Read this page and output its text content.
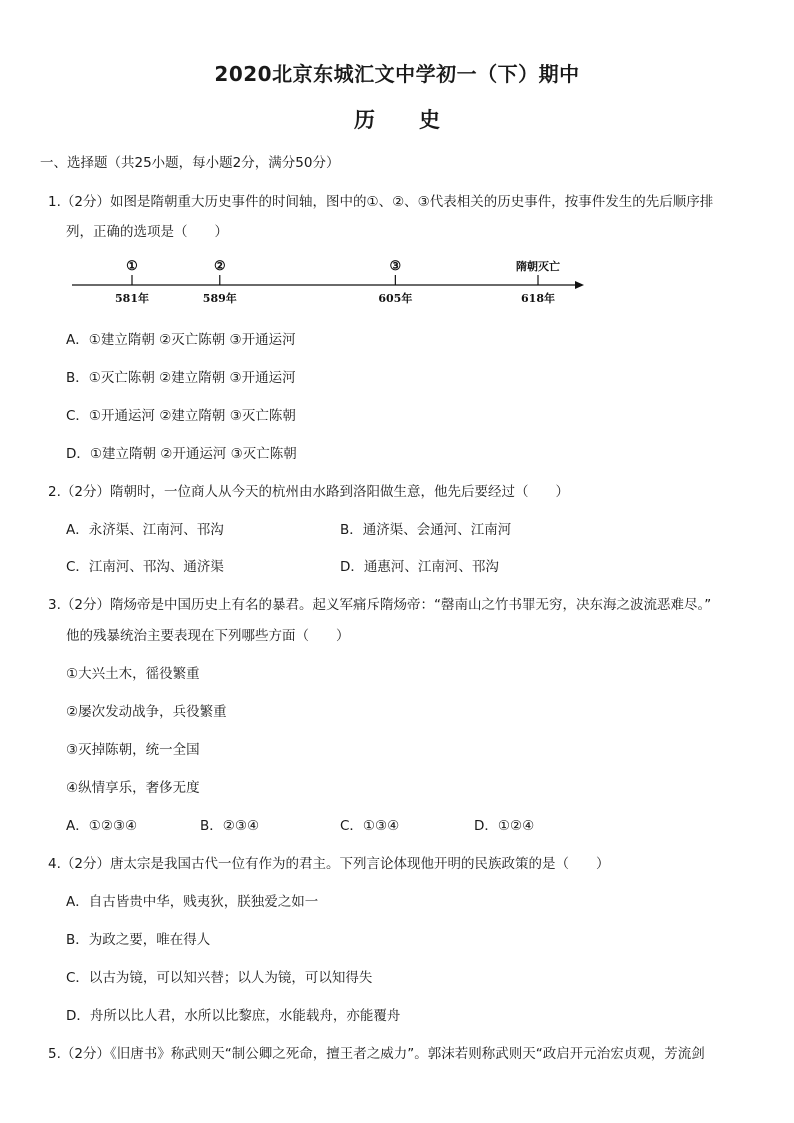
2020北京东城汇文中学初一（下）期中
历 史
一、选择题（共25小题，每小题2分，满分50分）
1.（2分）如图是隋朝重大历史事件的时间轴，图中的①、②、③代表相关的历史事件，按事件发生的先后顺序排
列，正确的选项是（　　）
①
581年
②
589年
③
605年
隋朝灭亡
618年
A．①建立隋朝 ②灭亡陈朝 ③开通运河
B．①灭亡陈朝 ②建立隋朝 ③开通运河
C．①开通运河 ②建立隋朝 ③灭亡陈朝
D．①建立隋朝 ②开通运河 ③灭亡陈朝
2.（2分）隋朝时，一位商人从今天的杭州由水路到洛阳做生意，他先后要经过（　　）
A．永济渠、江南河、邗沟	B．通济渠、会通河、江南河
C．江南河、邗沟、通济渠	D．通惠河、江南河、邗沟
3.（2分）隋炀帝是中国历史上有名的暴君。起义军痛斥隋炀帝：“罄南山之竹书罪无穷，决东海之波流恶难尽。”
他的残暴统治主要表现在下列哪些方面（　　）
①大兴土木，徭役繁重
②屡次发动战争，兵役繁重
③灭掉陈朝，统一全国
④纵情享乐，奢侈无度
A．①②③④	B．②③④	C．①③④	D．①②④
4.（2分）唐太宗是我国古代一位有作为的君主。下列言论体现他开明的民族政策的是（　　）
A．自古皆贵中华，贱夷狄，朕独爱之如一
B．为政之要，唯在得人
C．以古为镜，可以知兴替；以人为镜，可以知得失
D．舟所以比人君，水所以比黎庶，水能载舟，亦能覆舟
5.（2分）《旧唐书》称武则天“制公卿之死命，擅王者之威力”。郭沫若则称武则天“政启开元治宏贞观，芳流剑
